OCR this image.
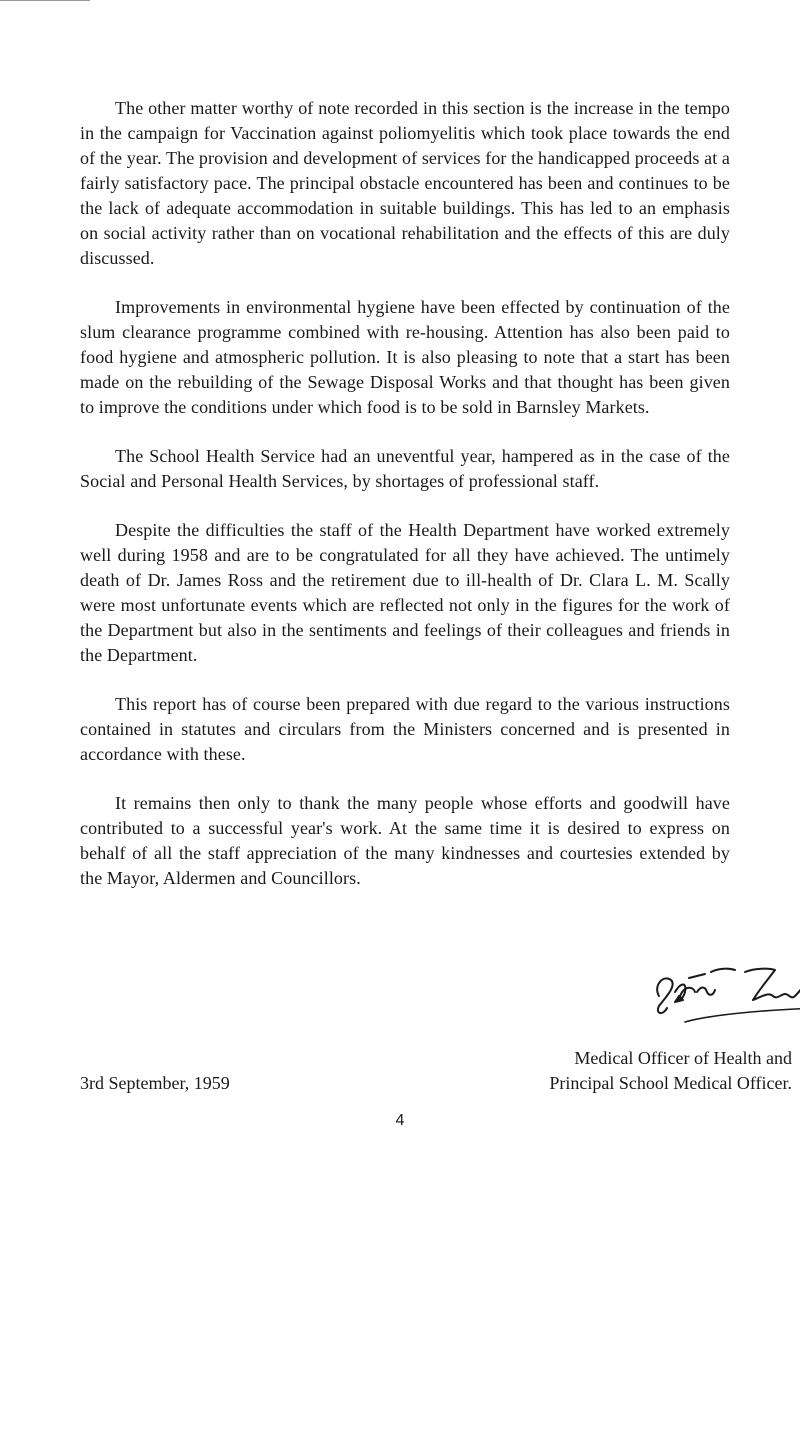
The other matter worthy of note recorded in this section is the increase in the tempo in the campaign for Vaccination against poliomyelitis which took place towards the end of the year. The provision and development of services for the handicapped proceeds at a fairly satisfactory pace. The principal obstacle encountered has been and continues to be the lack of adequate accommodation in suitable buildings. This has led to an emphasis on social activity rather than on vocational rehabilitation and the effects of this are duly discussed.

Improvements in environmental hygiene have been effected by continuation of the slum clearance programme combined with re-housing. Attention has also been paid to food hygiene and atmospheric pollution. It is also pleasing to note that a start has been made on the rebuilding of the Sewage Disposal Works and that thought has been given to improve the conditions under which food is to be sold in Barnsley Markets.

The School Health Service had an uneventful year, hampered as in the case of the Social and Personal Health Services, by shortages of professional staff.

Despite the difficulties the staff of the Health Department have worked extremely well during 1958 and are to be congratulated for all they have achieved. The untimely death of Dr. James Ross and the retirement due to ill-health of Dr. Clara L. M. Scally were most unfortunate events which are reflected not only in the figures for the work of the Department but also in the sentiments and feelings of their colleagues and friends in the Department.

This report has of course been prepared with due regard to the various instructions contained in statutes and circulars from the Ministers concerned and is presented in accordance with these.

It remains then only to thank the many people whose efforts and goodwill have contributed to a successful year's work. At the same time it is desired to express on behalf of all the staff appreciation of the many kindnesses and courtesies extended by the Mayor, Aldermen and Councillors.

Medical Officer of Health and
Principal School Medical Officer.
3rd September, 1959
4
